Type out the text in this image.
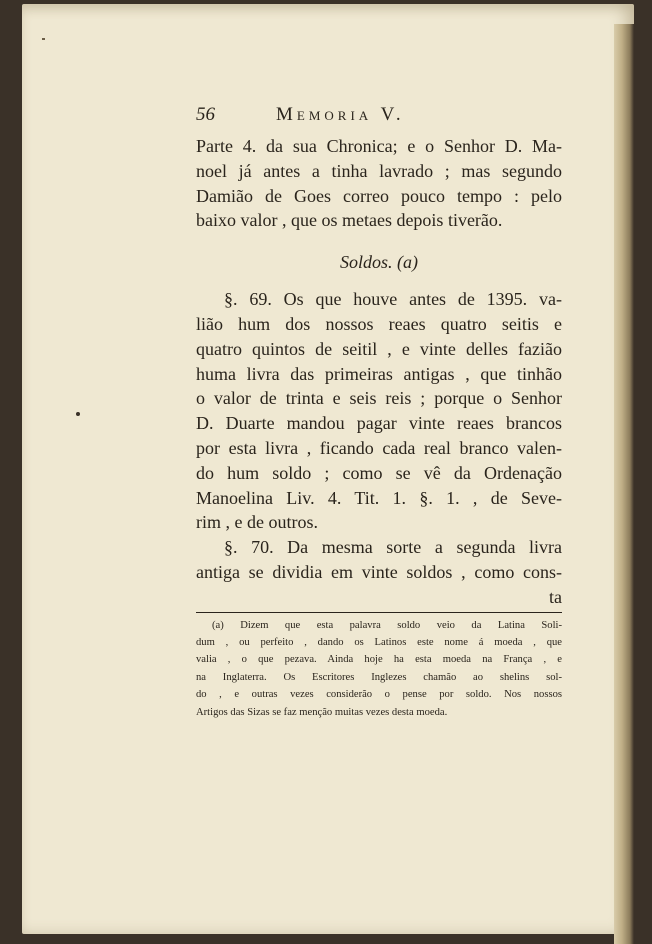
56	Memoria V.
Parte 4. da sua Chronica; e o Senhor D. Ma-
noel já antes a tinha lavrado ; mas segundo
Damião de Goes correo pouco tempo : pelo
baixo valor , que os metaes depois tiverão.
Soldos. (a)
§. 69. Os que houve antes de 1395. va-
lião hum dos nossos reaes quatro seitis e
quatro quintos de seitil , e vinte delles fazião
huma livra das primeiras antigas , que tinhão
o valor de trinta e seis reis ; porque o Senhor
D. Duarte mandou pagar vinte reaes brancos
por esta livra , ficando cada real branco valen-
do hum soldo ; como se vê da Ordenação
Manoelina Liv. 4. Tit. 1. §. 1. , de Seve-
rim , e de outros.
§. 70. Da mesma sorte a segunda livra
antiga se dividia em vinte soldos , como cons-
ta
(a) Dizem que esta palavra soldo veio da Latina Soli-
dum , ou perfeito , dando os Latinos este nome á moeda , que
valia , o que pezava. Ainda hoje ha esta moeda na França , e
na Inglaterra. Os Escritores Inglezes chamão ao shelins sol-
do , e outras vezes considerão o pense por soldo. Nos nossos
Artigos das Sizas se faz menção muitas vezes desta moeda.
